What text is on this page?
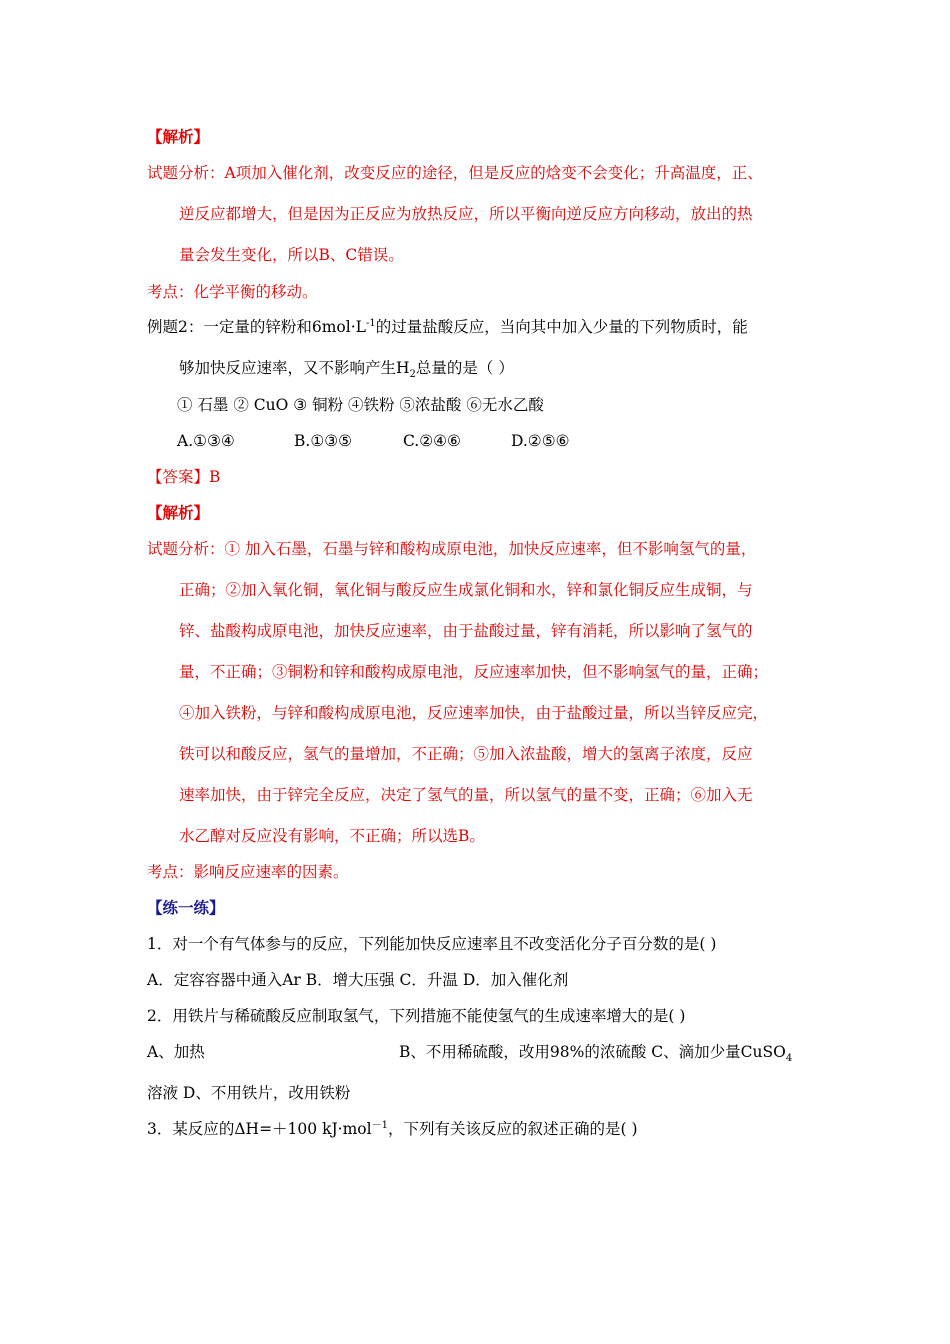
【解析】
试题分析：A项加入催化剂，改变反应的途径，但是反应的焓变不会变化；升高温度，正、
逆反应都增大，但是因为正反应为放热反应，所以平衡向逆反应方向移动，放出的热
量会发生变化，所以B、C错误。
考点：化学平衡的移动。
例题2：一定量的锌粉和$6mol\cdot L^{-1}$的过量盐酸反应，当向其中加入少量的下列物质时，能
够加快反应速率，又不影响产生$H_2$总量的是（ ）
① 石墨 ② CuO ③ 铜粉 ④铁粉 ⑤浓盐酸 ⑥无水乙酸
A.①③④	B.①③⑤	C.②④⑥	D.②⑤⑥
【答案】B
【解析】
试题分析：① 加入石墨，石墨与锌和酸构成原电池，加快反应速率，但不影响氢气的量，
正确；②加入氧化铜，氧化铜与酸反应生成氯化铜和水，锌和氯化铜反应生成铜，与
锌、盐酸构成原电池，加快反应速率，由于盐酸过量，锌有消耗，所以影响了氢气的
量，不正确；③铜粉和锌和酸构成原电池，反应速率加快，但不影响氢气的量，正确；
④加入铁粉，与锌和酸构成原电池，反应速率加快，由于盐酸过量，所以当锌反应完，
铁可以和酸反应，氢气的量增加，不正确；⑤加入浓盐酸，增大的氢离子浓度，反应
速率加快，由于锌完全反应，决定了氢气的量，所以氢气的量不变，正确；⑥加入无
水乙醇对反应没有影响，不正确；所以选B。
考点：影响反应速率的因素。
【练一练】
1．对一个有气体参与的反应，下列能加快反应速率且不改变活化分子百分数的是( )
A．定容容器中通入Ar B．增大压强 C．升温 D．加入催化剂
2．用铁片与稀硫酸反应制取氢气，下列措施不能使氢气的生成速率增大的是( )
A、加热	B、不用稀硫酸，改用98%的浓硫酸 C、滴加少量CuSO$_4$
溶液 D、不用铁片，改用铁粉
3．某反应的ΔH=＋100 kJ·mol$^{-1}$，下列有关该反应的叙述正确的是( )
